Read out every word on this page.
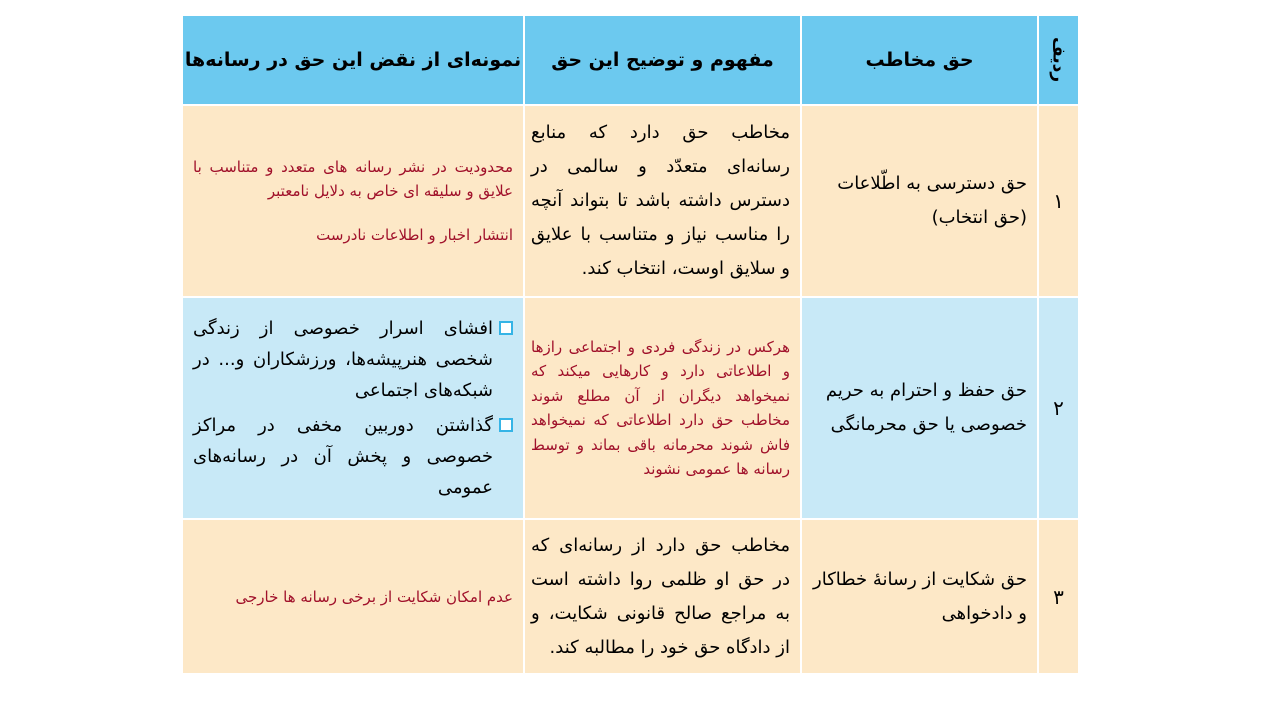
ردیف
حق مخاطب
مفهوم و توضیح این حق
نمونه‌ای از نقض این حق در رسانه‌ها
۱
حق دسترسی به اطّلاعات (حق انتخاب)
مخاطب حق دارد که منابع رسانه‌ای متعدّد و سالمی در دسترس داشته باشد تا بتواند آنچه را مناسب نیاز و متناسب با علایق و سلایق اوست، انتخاب کند.

محدودیت در نشر رسانه های متعدد و متناسب با علایق و سلیقه ای خاص به دلایل نامعتبر

انتشار اخبار و اطلاعات نادرست

۲
حق حفظ و احترام به حریم خصوصی یا حق محرمانگی
هرکس در زندگی فردی و اجتماعی رازها و اطلاعاتی دارد و کارهایی میکند که نمیخواهد دیگران از آن مطلع شوند مخاطب حق دارد اطلاعاتی که نمیخواهد فاش شوند محرمانه باقی بماند و توسط رسانه ها عمومی نشوند
افشای اسرار خصوصی از زندگی شخصی هنرپیشه‌ها، ورزشکاران و... در شبکه‌های اجتماعی
گذاشتن دوربین مخفی در مراکز خصوصی و پخش آن در رسانه‌های عمومی
۳
حق شکایت از رسانۀ خطاکار و دادخواهی
مخاطب حق دارد از رسانه‌ای که در حق او ظلمی روا داشته است به مراجع صالح قانونی شکایت، و از دادگاه حق خود را مطالبه کند.

عدم امکان شکایت از برخی رسانه ها خارجی
